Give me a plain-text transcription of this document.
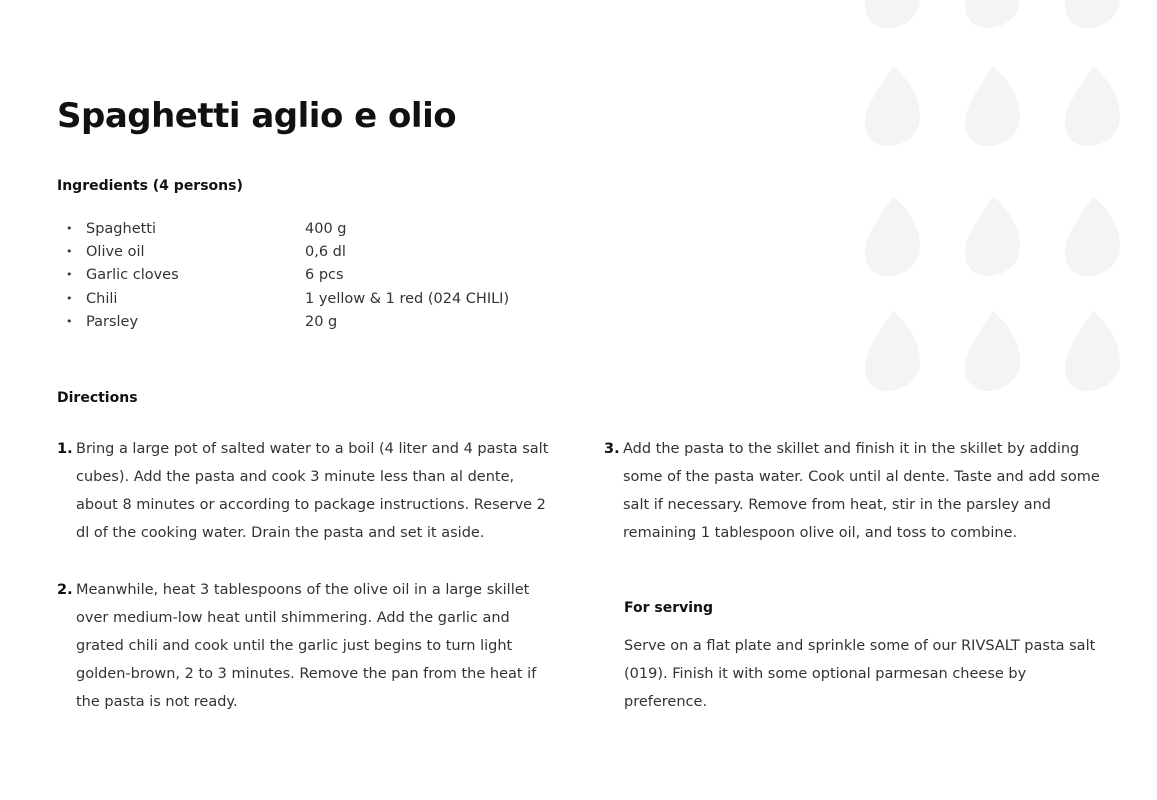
Spaghetti aglio e olio
Ingredients (4 persons)
• Spaghetti	400 g
• Olive oil	0,6 dl
• Garlic cloves	6 pcs
• Chili	1 yellow & 1 red (024 CHILI)
• Parsley	20 g
Directions
1. Bring a large pot of salted water to a boil (4 liter and 4 pasta salt cubes). Add the pasta and cook 3 minute less than al dente, about 8 minutes or according to package instructions. Reserve 2 dl of the cooking water. Drain the pasta and set it aside.
2. Meanwhile, heat 3 tablespoons of the olive oil in a large skillet over medium-low heat until shimmering. Add the garlic and grated chili and cook until the garlic just begins to turn light golden-brown, 2 to 3 minutes. Remove the pan from the heat if the pasta is not ready.
3. Add the pasta to the skillet and finish it in the skillet by adding some of the pasta water. Cook until al dente. Taste and add some salt if necessary. Remove from heat, stir in the parsley and remaining 1 tablespoon olive oil, and toss to combine.
For serving

Serve on a flat plate and sprinkle some of our RIVSALT pasta salt (019). Finish it with some optional parmesan cheese by preference.
